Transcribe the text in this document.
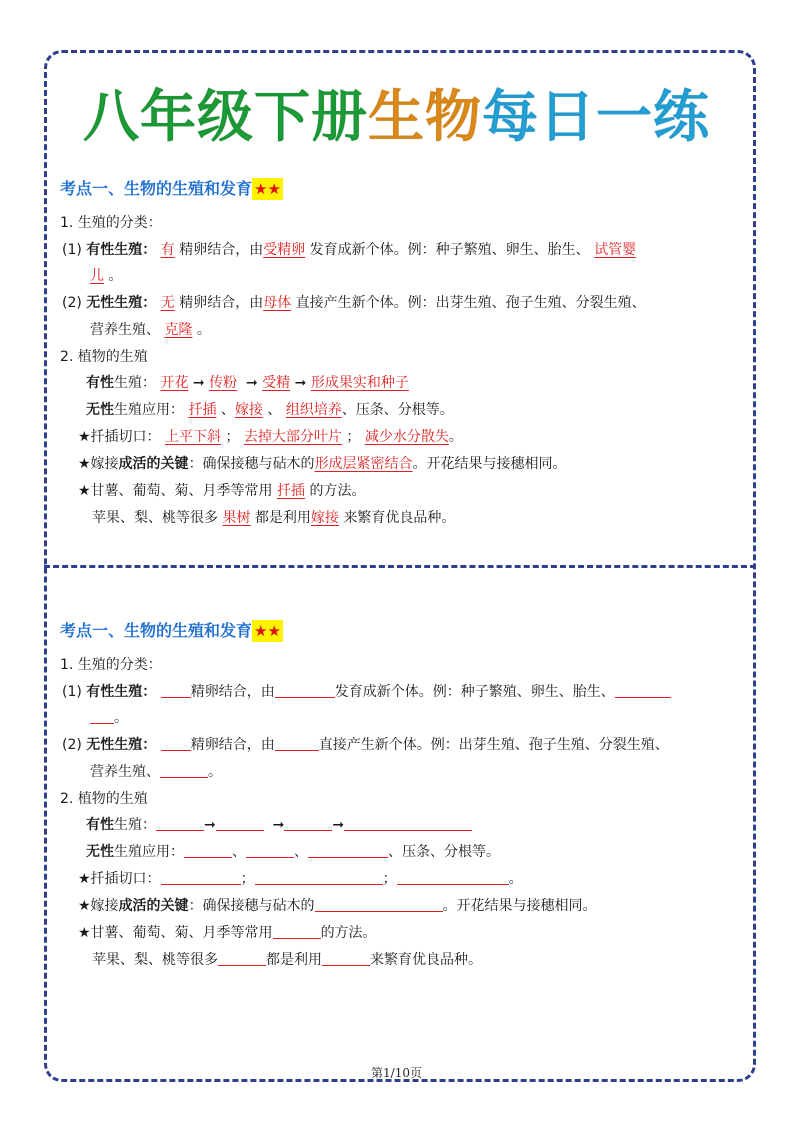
八年级下册生物每日一练
考点一、生物的生殖和发育 ★★
1. 生殖的分类：
(1) 有性生殖： 有 精卵结合，由受精卵 发育成新个体。例：种子繁殖、卵生、胎生、 试管婴
儿 。
(2) 无性生殖： 无 精卵结合，由母体 直接产生新个体。例：出芽生殖、孢子生殖、分裂生殖、
营养生殖、 克隆 。
2. 植物的生殖
有性生殖： 开花 ➞ 传粉 ➞ 受精 ➞ 形成果实和种子
无性生殖应用： 扦插 、嫁接 、 组织培养、压条、分根等。
★扦插切口： 上平下斜 ； 去掉大部分叶片 ； 减少水分散失。
★嫁接成活的关键：确保接穗与砧木的形成层紧密结合。开花结果与接穗相同。
★甘薯、葡萄、菊、月季等常用 扦插 的方法。
苹果、梨、桃等很多 果树 都是利用嫁接 来繁育优良品种。
考点一、生物的生殖和发育 ★★
1. 生殖的分类：
(1) 有性生殖： 精卵结合，由	发育成新个体。例：种子繁殖、卵生、胎生、
。
(2) 无性生殖： 精卵结合，由	直接产生新个体。例：出芽生殖、孢子生殖、分裂生殖、
营养生殖、	。
2. 植物的生殖
有性生殖：	➞	➞	➞
无性生殖应用：	、	、	、压条、分根等。
★扦插切口：	；	；	。
★嫁接成活的关键：确保接穗与砧木的	。开花结果与接穗相同。
★甘薯、葡萄、菊、月季等常用	的方法。
苹果、梨、桃等很多	都是利用	来繁育优良品种。
第1/10页
